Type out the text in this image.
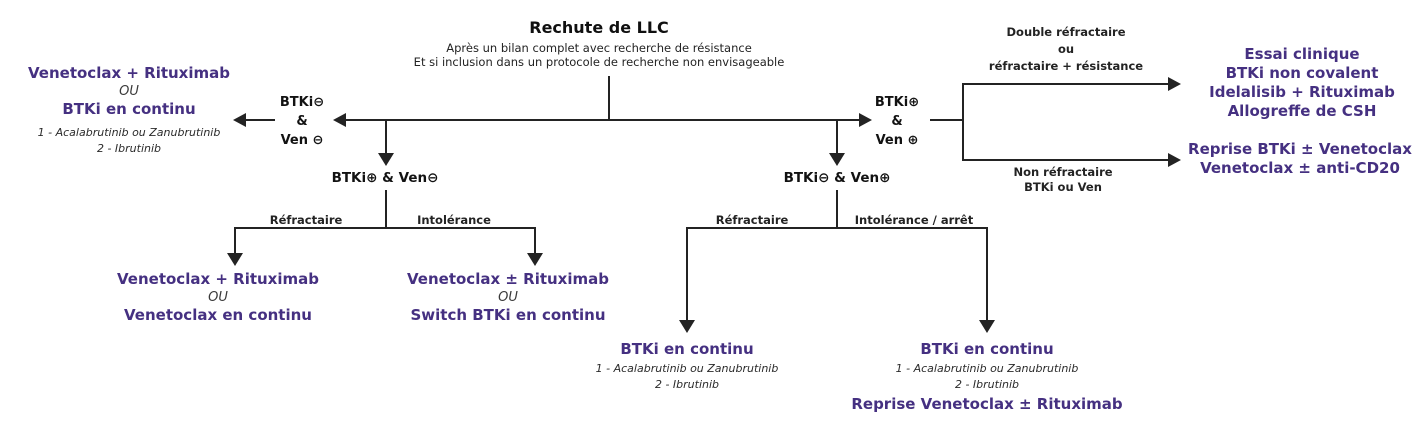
Rechute de LLC
Après un bilan complet avec recherche de résistance
Et si inclusion dans un protocole de recherche non envisageable
BTKi⊖
&
Ven ⊖
BTKi⊕
&
Ven ⊕
BTKi⊕ & Ven⊖	BTKi⊖ & Ven⊕
Réfractaire	Intolérance	Réfractaire	Intolérance / arrêt
Double réfractaire
ou
réfractaire + résistance
Non réfractaire
BTKi ou Ven
Venetoclax + Rituximab
OU
BTKi en continu
1 - Acalabrutinib ou Zanubrutinib
2 - Ibrutinib
Venetoclax + Rituximab
OU
Venetoclax en continu
Venetoclax ± Rituximab
OU
Switch BTKi en continu
BTKi en continu
1 - Acalabrutinib ou Zanubrutinib
2 - Ibrutinib
BTKi en continu
1 - Acalabrutinib ou Zanubrutinib
2 - Ibrutinib
Reprise Venetoclax ± Rituximab
Essai clinique
BTKi non covalent
Idelalisib + Rituximab
Allogreffe de CSH
Reprise BTKi ± Venetoclax
Venetoclax ± anti-CD20
